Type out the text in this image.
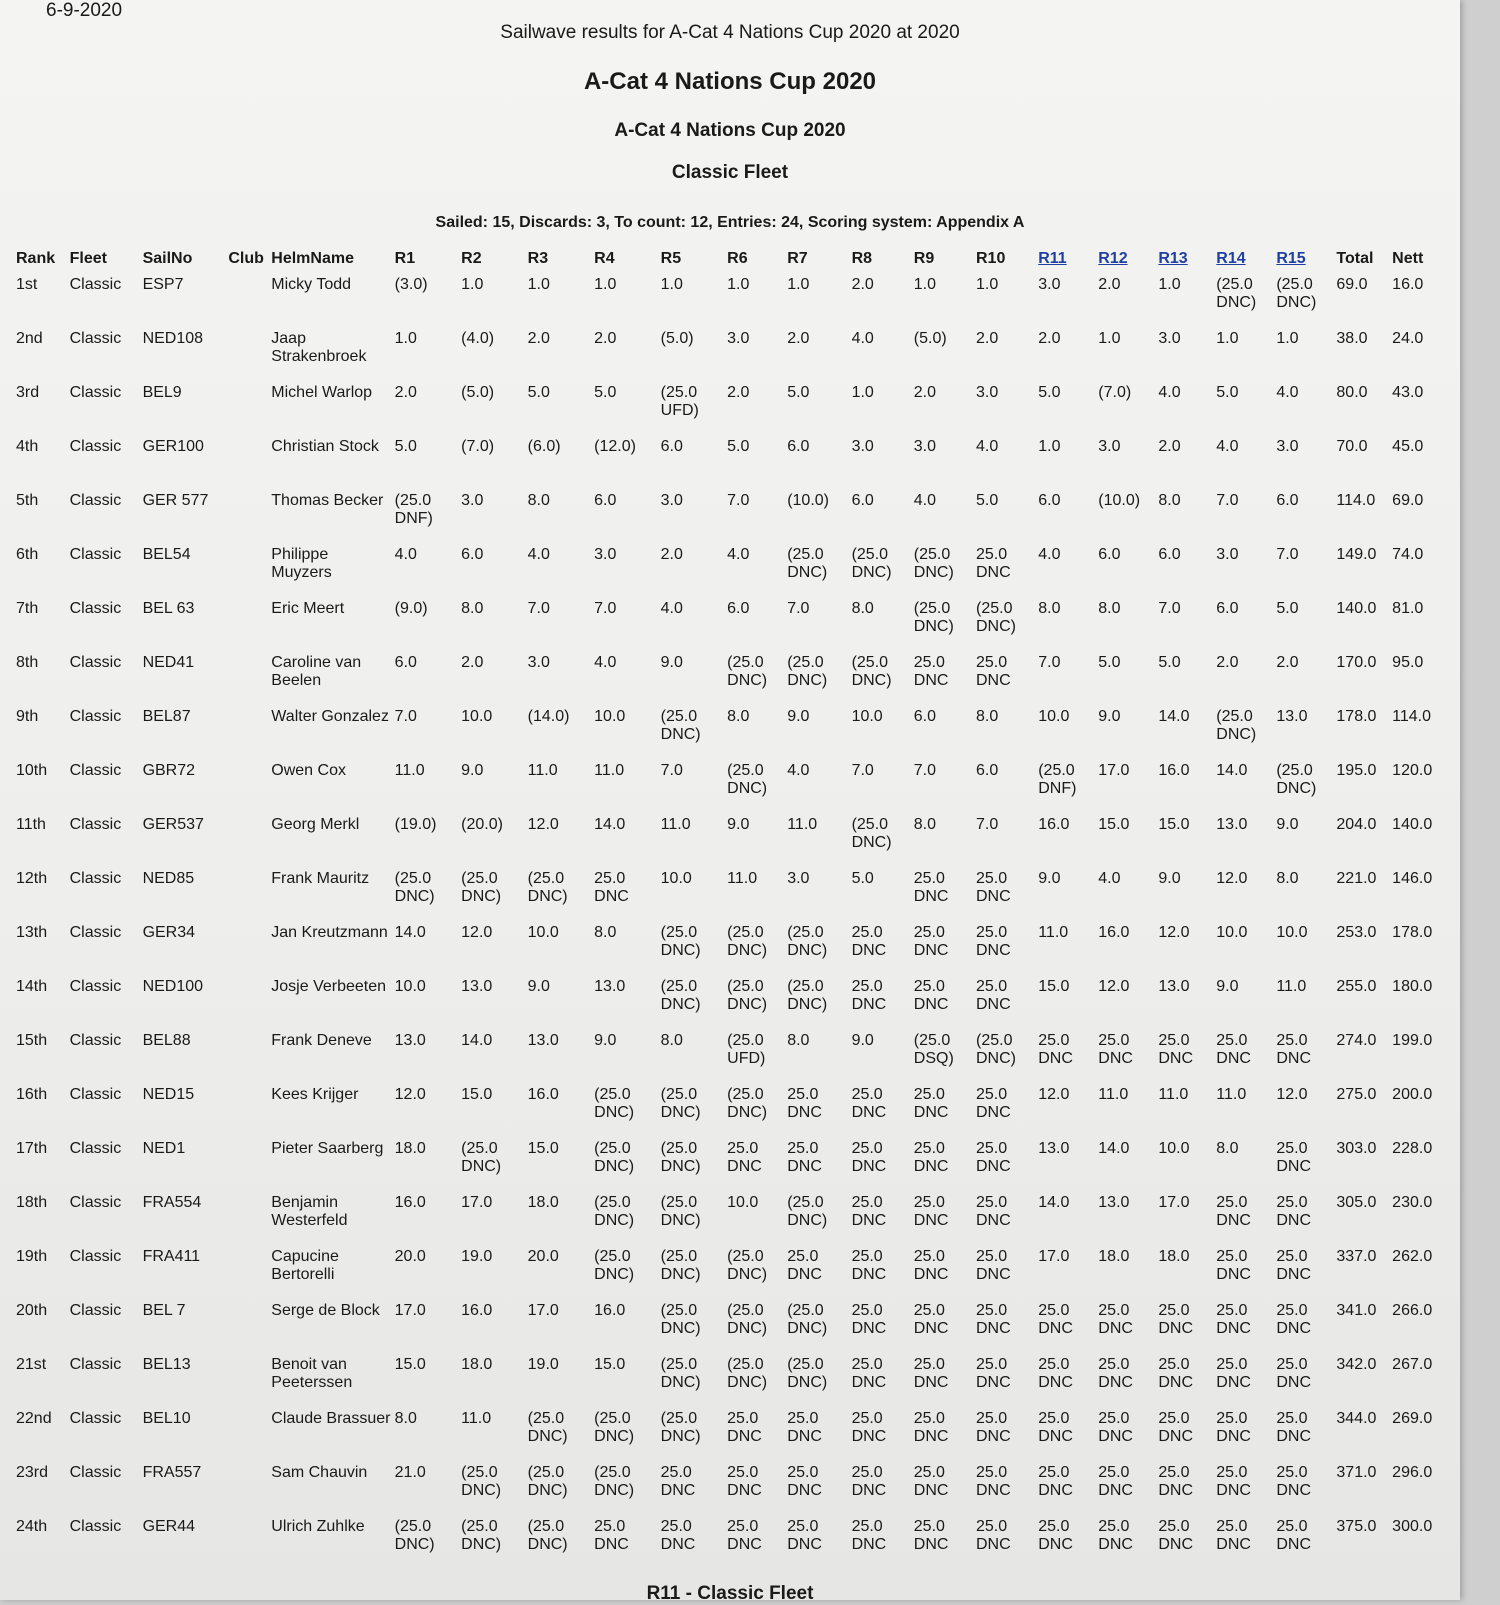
6-9-2020
Sailwave results for A-Cat 4 Nations Cup 2020 at 2020
A-Cat 4 Nations Cup 2020
A-Cat 4 Nations Cup 2020
Classic Fleet
Sailed: 15, Discards: 3, To count: 12, Entries: 24, Scoring system: Appendix A
Rank	Fleet	SailNo	Club	HelmName	R1	R2	R3	R4	R5	R6	R7	R8	R9	R10	R11	R12	R13	R14	R15	Total	Nett
1st	Classic	ESP7		Micky Todd	(3.0)	1.0	1.0	1.0	1.0	1.0	1.0	2.0	1.0	1.0	3.0	2.0	1.0	(25.0 DNC)	(25.0 DNC)	69.0	16.0
2nd	Classic	NED108		Jaap Strakenbroek	1.0	(4.0)	2.0	2.0	(5.0)	3.0	2.0	4.0	(5.0)	2.0	2.0	1.0	3.0	1.0	1.0	38.0	24.0
3rd	Classic	BEL9		Michel Warlop	2.0	(5.0)	5.0	5.0	(25.0 UFD)	2.0	5.0	1.0	2.0	3.0	5.0	(7.0)	4.0	5.0	4.0	80.0	43.0
4th	Classic	GER100		Christian Stock	5.0	(7.0)	(6.0)	(12.0)	6.0	5.0	6.0	3.0	3.0	4.0	1.0	3.0	2.0	4.0	3.0	70.0	45.0
5th	Classic	GER 577		Thomas Becker	(25.0 DNF)	3.0	8.0	6.0	3.0	7.0	(10.0)	6.0	4.0	5.0	6.0	(10.0)	8.0	7.0	6.0	114.0	69.0
6th	Classic	BEL54		Philippe Muyzers	4.0	6.0	4.0	3.0	2.0	4.0	(25.0 DNC)	(25.0 DNC)	(25.0 DNC)	25.0 DNC	4.0	6.0	6.0	3.0	7.0	149.0	74.0
7th	Classic	BEL 63		Eric Meert	(9.0)	8.0	7.0	7.0	4.0	6.0	7.0	8.0	(25.0 DNC)	(25.0 DNC)	8.0	8.0	7.0	6.0	5.0	140.0	81.0
8th	Classic	NED41		Caroline van Beelen	6.0	2.0	3.0	4.0	9.0	(25.0 DNC)	(25.0 DNC)	(25.0 DNC)	25.0 DNC	25.0 DNC	7.0	5.0	5.0	2.0	2.0	170.0	95.0
9th	Classic	BEL87		Walter Gonzalez	7.0	10.0	(14.0)	10.0	(25.0 DNC)	8.0	9.0	10.0	6.0	8.0	10.0	9.0	14.0	(25.0 DNC)	13.0	178.0	114.0
10th	Classic	GBR72		Owen Cox	11.0	9.0	11.0	11.0	7.0	(25.0 DNC)	4.0	7.0	7.0	6.0	(25.0 DNF)	17.0	16.0	14.0	(25.0 DNC)	195.0	120.0
11th	Classic	GER537		Georg Merkl	(19.0)	(20.0)	12.0	14.0	11.0	9.0	11.0	(25.0 DNC)	8.0	7.0	16.0	15.0	15.0	13.0	9.0	204.0	140.0
12th	Classic	NED85		Frank Mauritz	(25.0 DNC)	(25.0 DNC)	(25.0 DNC)	25.0 DNC	10.0	11.0	3.0	5.0	25.0 DNC	25.0 DNC	9.0	4.0	9.0	12.0	8.0	221.0	146.0
13th	Classic	GER34		Jan Kreutzmann	14.0	12.0	10.0	8.0	(25.0 DNC)	(25.0 DNC)	(25.0 DNC)	25.0 DNC	25.0 DNC	25.0 DNC	11.0	16.0	12.0	10.0	10.0	253.0	178.0
14th	Classic	NED100		Josje Verbeeten	10.0	13.0	9.0	13.0	(25.0 DNC)	(25.0 DNC)	(25.0 DNC)	25.0 DNC	25.0 DNC	25.0 DNC	15.0	12.0	13.0	9.0	11.0	255.0	180.0
15th	Classic	BEL88		Frank Deneve	13.0	14.0	13.0	9.0	8.0	(25.0 UFD)	8.0	9.0	(25.0 DSQ)	(25.0 DNC)	25.0 DNC	25.0 DNC	25.0 DNC	25.0 DNC	25.0 DNC	274.0	199.0
16th	Classic	NED15		Kees Krijger	12.0	15.0	16.0	(25.0 DNC)	(25.0 DNC)	(25.0 DNC)	25.0 DNC	25.0 DNC	25.0 DNC	25.0 DNC	12.0	11.0	11.0	11.0	12.0	275.0	200.0
17th	Classic	NED1		Pieter Saarberg	18.0	(25.0 DNC)	15.0	(25.0 DNC)	(25.0 DNC)	25.0 DNC	25.0 DNC	25.0 DNC	25.0 DNC	25.0 DNC	13.0	14.0	10.0	8.0	25.0 DNC	303.0	228.0
18th	Classic	FRA554		Benjamin Westerfeld	16.0	17.0	18.0	(25.0 DNC)	(25.0 DNC)	10.0	(25.0 DNC)	25.0 DNC	25.0 DNC	25.0 DNC	14.0	13.0	17.0	25.0 DNC	25.0 DNC	305.0	230.0
19th	Classic	FRA411		Capucine Bertorelli	20.0	19.0	20.0	(25.0 DNC)	(25.0 DNC)	(25.0 DNC)	25.0 DNC	25.0 DNC	25.0 DNC	25.0 DNC	17.0	18.0	18.0	25.0 DNC	25.0 DNC	337.0	262.0
20th	Classic	BEL 7		Serge de Block	17.0	16.0	17.0	16.0	(25.0 DNC)	(25.0 DNC)	(25.0 DNC)	25.0 DNC	25.0 DNC	25.0 DNC	25.0 DNC	25.0 DNC	25.0 DNC	25.0 DNC	25.0 DNC	341.0	266.0
21st	Classic	BEL13		Benoit van Peeterssen	15.0	18.0	19.0	15.0	(25.0 DNC)	(25.0 DNC)	(25.0 DNC)	25.0 DNC	25.0 DNC	25.0 DNC	25.0 DNC	25.0 DNC	25.0 DNC	25.0 DNC	25.0 DNC	342.0	267.0
22nd	Classic	BEL10		Claude Brassuer	8.0	11.0	(25.0 DNC)	(25.0 DNC)	(25.0 DNC)	25.0 DNC	25.0 DNC	25.0 DNC	25.0 DNC	25.0 DNC	25.0 DNC	25.0 DNC	25.0 DNC	25.0 DNC	25.0 DNC	344.0	269.0
23rd	Classic	FRA557		Sam Chauvin	21.0	(25.0 DNC)	(25.0 DNC)	(25.0 DNC)	25.0 DNC	25.0 DNC	25.0 DNC	25.0 DNC	25.0 DNC	25.0 DNC	25.0 DNC	25.0 DNC	25.0 DNC	25.0 DNC	25.0 DNC	371.0	296.0
24th	Classic	GER44		Ulrich Zuhlke	(25.0 DNC)	(25.0 DNC)	(25.0 DNC)	25.0 DNC	25.0 DNC	25.0 DNC	25.0 DNC	25.0 DNC	25.0 DNC	25.0 DNC	25.0 DNC	25.0 DNC	25.0 DNC	25.0 DNC	25.0 DNC	375.0	300.0
R11 - Classic Fleet
